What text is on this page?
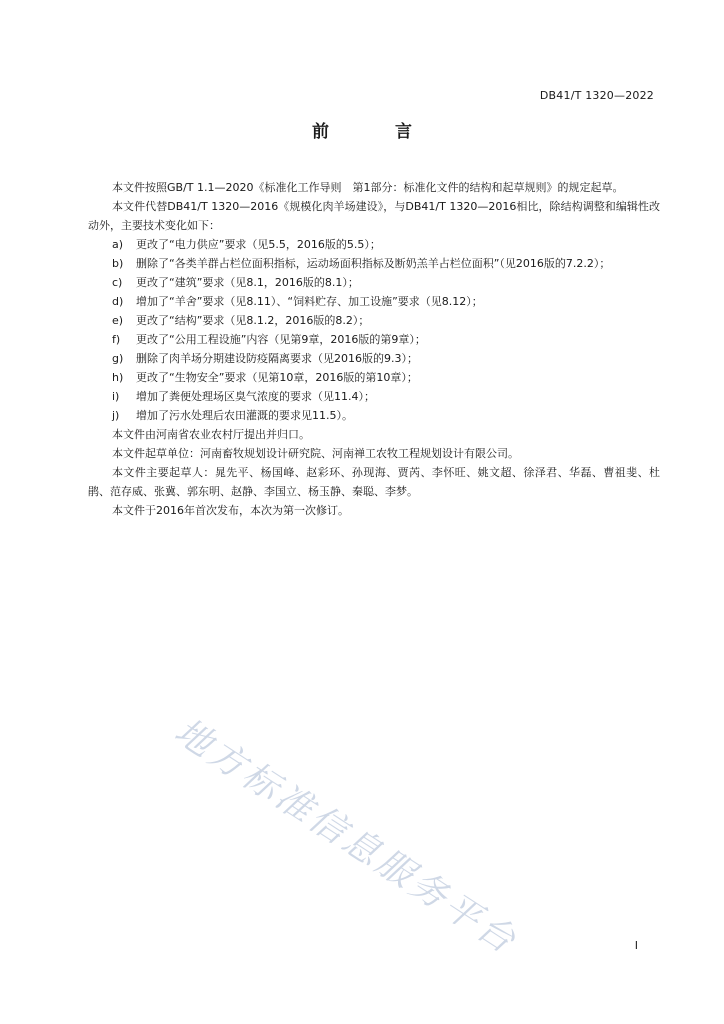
DB41/T 1320—2022
前 言

本文件按照GB/T 1.1—2020《标准化工作导则　第1部分：标准化文件的结构和起草规则》的规定起草。

本文件代替DB41/T 1320—2016《规模化肉羊场建设》，与DB41/T 1320—2016相比，除结构调整和编辑性改动外，主要技术变化如下：

a)	更改了“电力供应”要求（见5.5，2016版的5.5）；
b)	删除了“各类羊群占栏位面积指标，运动场面积指标及断奶羔羊占栏位面积”（见2016版的7.2.2）；
c)	更改了“建筑”要求（见8.1，2016版的8.1）；
d)	增加了“羊舍”要求（见8.11）、“饲料贮存、加工设施”要求（见8.12）；
e)	更改了“结构”要求（见8.1.2，2016版的8.2）；
f)	更改了“公用工程设施”内容（见第9章，2016版的第9章）；
g)	删除了肉羊场分期建设防疫隔离要求（见2016版的9.3）；
h)	更改了“生物安全”要求（见第10章，2016版的第10章）；
i)	增加了粪便处理场区臭气浓度的要求（见11.4）；
j)	增加了污水处理后农田灌溉的要求见11.5）。

本文件由河南省农业农村厅提出并归口。

本文件起草单位：河南畜牧规划设计研究院、河南禅工农牧工程规划设计有限公司。

本文件主要起草人：晁先平、杨国峰、赵彩环、孙现海、贾芮、李怀旺、姚文超、徐泽君、华磊、曹祖斐、杜鹃、范存威、张冀、郭东明、赵静、李国立、杨玉静、秦聪、李梦。

本文件于2016年首次发布，本次为第一次修订。

地方标准信息服务平台	I
